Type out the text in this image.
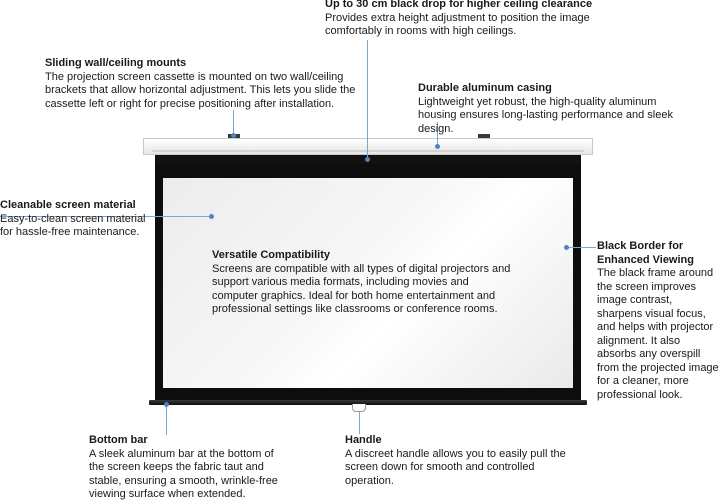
Up to 30 cm black drop for higher ceiling clearance
Provides extra height adjustment to position the image comfortably in rooms with high ceilings.
Sliding wall/ceiling mounts
The projection screen cassette is mounted on two wall/ceiling brackets that allow horizontal adjustment. This lets you slide the cassette left or right for precise positioning after installation.
Durable aluminum casing
Lightweight yet robust, the high-quality aluminum housing ensures long-lasting performance and sleek design.
Cleanable screen material
Easy-to-clean screen material for hassle-free maintenance.
Versatile Compatibility
Screens are compatible with all types of digital projectors and support various media formats, including movies and computer graphics. Ideal for both home entertainment and professional settings like classrooms or conference rooms.
Black Border for Enhanced Viewing
The black frame around the screen improves image contrast, sharpens visual focus, and helps with projector alignment. It also absorbs any overspill from the projected image for a cleaner, more professional look.
Bottom bar
A sleek aluminum bar at the bottom of the screen keeps the fabric taut and stable, ensuring a smooth, wrinkle-free viewing surface when extended.
Handle
A discreet handle allows you to easily pull the screen down for smooth and controlled operation.
